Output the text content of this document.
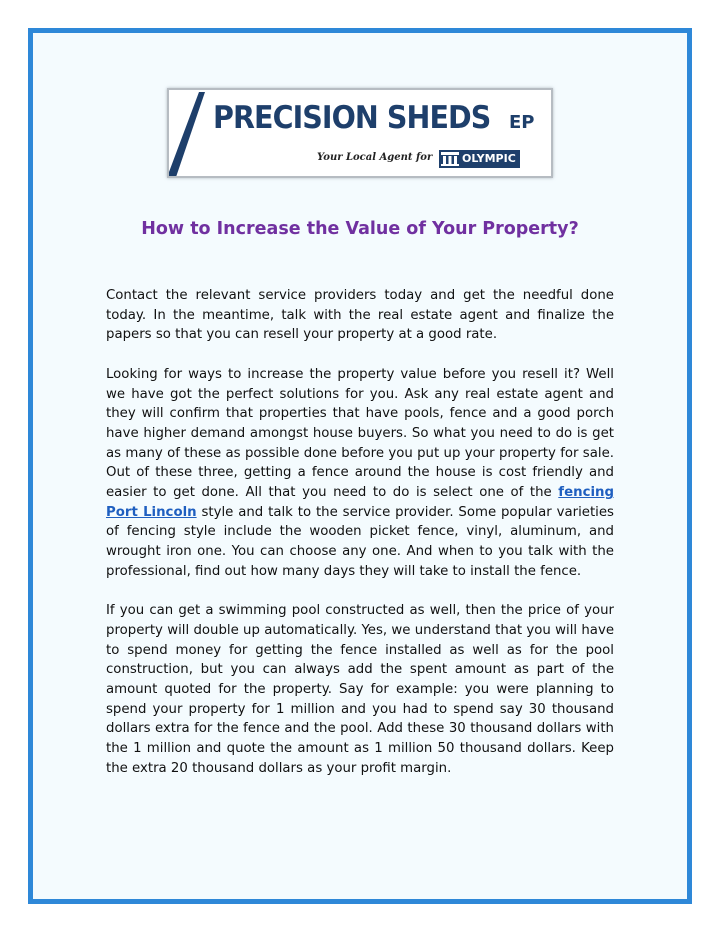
PRECISION SHEDS EP
Your Local Agent for	OLYMPIC
How to Increase the Value of Your Property?

Contact the relevant service providers today and get the needful done today. In the meantime, talk with the real estate agent and finalize the papers so that you can resell your property at a good rate.

Looking for ways to increase the property value before you resell it? Well we have got the perfect solutions for you. Ask any real estate agent and they will confirm that properties that have pools, fence and a good porch have higher demand amongst house buyers. So what you need to do is get as many of these as possible done before you put up your property for sale. Out of these three, getting a fence around the house is cost friendly and easier to get done. All that you need to do is select one of the fencing Port Lincoln style and talk to the service provider. Some popular varieties of fencing style include the wooden picket fence, vinyl, aluminum, and wrought iron one. You can choose any one. And when to you talk with the professional, find out how many days they will take to install the fence.

If you can get a swimming pool constructed as well, then the price of your property will double up automatically. Yes, we understand that you will have to spend money for getting the fence installed as well as for the pool construction, but you can always add the spent amount as part of the amount quoted for the property. Say for example: you were planning to spend your property for 1 million and you had to spend say 30 thousand dollars extra for the fence and the pool. Add these 30 thousand dollars with the 1 million and quote the amount as 1 million 50 thousand dollars. Keep the extra 20 thousand dollars as your profit margin.
